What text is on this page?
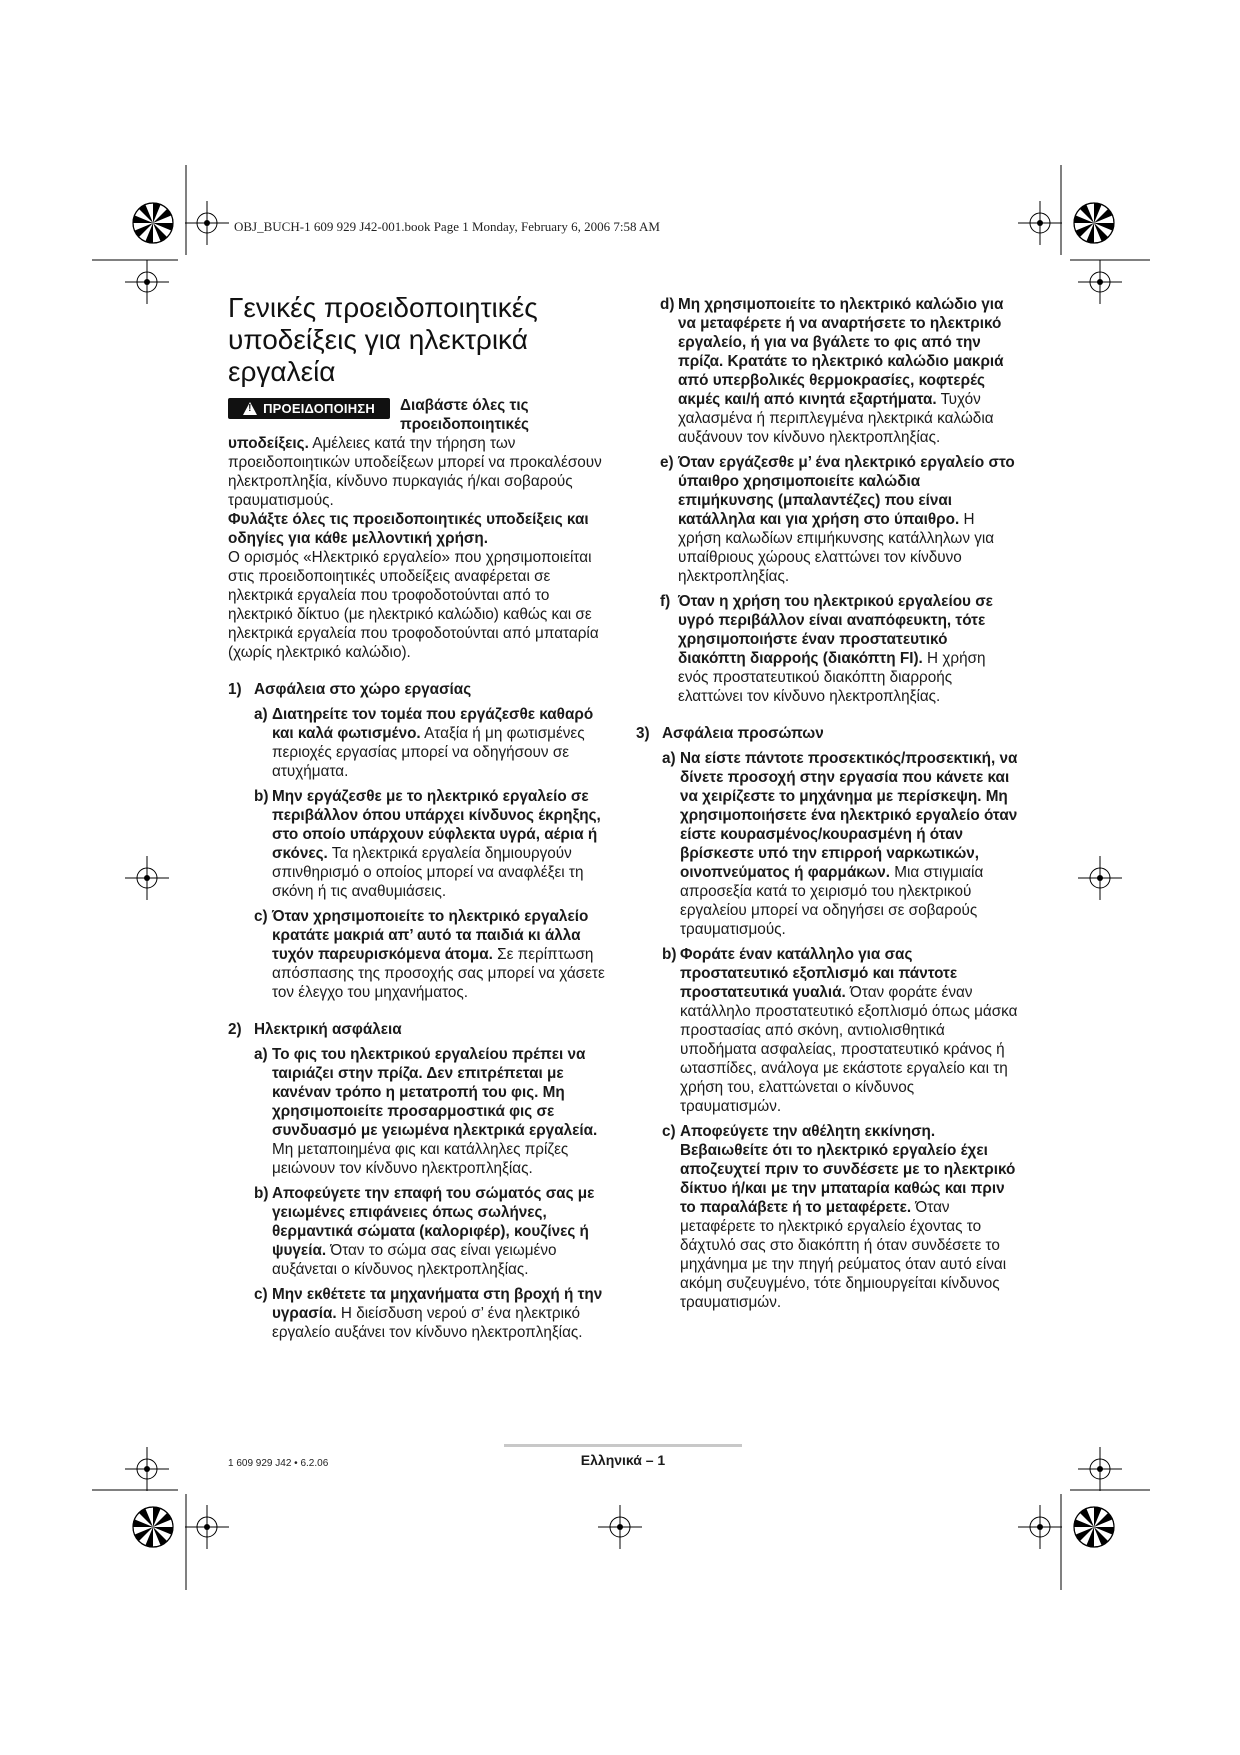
OBJ_BUCH-1 609 929 J42-001.book Page 1 Monday, February 6, 2006 7:58 AM
Γενικές προειδοποιητικές υποδείξεις για ηλεκτρικά εργαλεία
!
ΠΡΟΕΙΔΟΠΟΙΗΣΗ Διαβάστε όλες τις

προειδοποιητικές

υποδείξεις. Αμέλειες κατά την τήρηση των προειδοποιητικών υποδείξεων μπορεί να προκαλέσουν ηλεκτροπληξία, κίνδυνο πυρκαγιάς ή/και σοβαρούς τραυματισμούς.

Φυλάξτε όλες τις προειδοποιητικές υποδείξεις και οδηγίες για κάθε μελλοντική χρήση.

Ο ορισμός «Ηλεκτρικό εργαλείο» που χρησιμοποιείται στις προειδοποιητικές υποδείξεις αναφέρεται σε ηλεκτρικά εργαλεία που τροφοδοτούνται από το ηλεκτρικό δίκτυο (με ηλεκτρικό καλώδιο) καθώς και σε ηλεκτρικά εργαλεία που τροφοδοτούνται από μπαταρία (χωρίς ηλεκτρικό καλώδιο).

1) Ασφάλεια στο χώρο εργασίας
a) Διατηρείτε τον τομέα που εργάζεσθε καθαρό και καλά φωτισμένο. Αταξία ή μη φωτισμένες περιοχές εργασίας μπορεί να οδηγήσουν σε ατυχήματα.
b) Μην εργάζεσθε με το ηλεκτρικό εργαλείο σε περιβάλλον όπου υπάρχει κίνδυνος έκρηξης, στο οποίο υπάρχουν εύφλεκτα υγρά, αέρια ή σκόνες. Τα ηλεκτρικά εργαλεία δημιουργούν σπινθηρισμό ο οποίος μπορεί να αναφλέξει τη σκόνη ή τις αναθυμιάσεις.
c) Όταν χρησιμοποιείτε το ηλεκτρικό εργαλείο κρατάτε μακριά απ’ αυτό τα παιδιά κι άλλα τυχόν παρευρισκόμενα άτομα. Σε περίπτωση απόσπασης της προσοχής σας μπορεί να χάσετε τον έλεγχο του μηχανήματος.
2) Ηλεκτρική ασφάλεια
a) Το φις του ηλεκτρικού εργαλείου πρέπει να ταιριάζει στην πρίζα. Δεν επιτρέπεται με κανέναν τρόπο η μετατροπή του φις. Μη χρησιμοποιείτε προσαρμοστικά φις σε συνδυασμό με γειωμένα ηλεκτρικά εργαλεία. Μη μεταποιημένα φις και κατάλληλες πρίζες μειώνουν τον κίνδυνο ηλεκτροπληξίας.
b) Αποφεύγετε την επαφή του σώματός σας με γειωμένες επιφάνειες όπως σωλήνες, θερμαντικά σώματα (καλοριφέρ), κουζίνες ή ψυγεία. Όταν το σώμα σας είναι γειωμένο αυξάνεται ο κίνδυνος ηλεκτροπληξίας.
c) Μην εκθέτετε τα μηχανήματα στη βροχή ή την υγρασία. Η διείσδυση νερού σ’ ένα ηλεκτρικό εργαλείο αυξάνει τον κίνδυνο ηλεκτροπληξίας.
d) Μη χρησιμοποιείτε το ηλεκτρικό καλώδιο για να μεταφέρετε ή να αναρτήσετε το ηλεκτρικό εργαλείο, ή για να βγάλετε το φις από την πρίζα. Κρατάτε το ηλεκτρικό καλώδιο μακριά από υπερβολικές θερμοκρασίες, κοφτερές ακμές και/ή από κινητά εξαρτήματα. Τυχόν χαλασμένα ή περιπλεγμένα ηλεκτρικά καλώδια αυξάνουν τον κίνδυνο ηλεκτροπληξίας.
e) Όταν εργάζεσθε μ’ ένα ηλεκτρικό εργαλείο στο ύπαιθρο χρησιμοποιείτε καλώδια επιμήκυνσης (μπαλαντέζες) που είναι κατάλληλα και για χρήση στο ύπαιθρο. Η χρήση καλωδίων επιμήκυνσης κατάλληλων για υπαίθριους χώρους ελαττώνει τον κίνδυνο ηλεκτροπληξίας.
f) Όταν η χρήση του ηλεκτρικού εργαλείου σε υγρό περιβάλλον είναι αναπόφευκτη, τότε χρησιμοποιήστε έναν προστατευτικό διακόπτη διαρροής (διακόπτη FI). Η χρήση ενός προστατευτικού διακόπτη διαρροής ελαττώνει τον κίνδυνο ηλεκτροπληξίας.
3) Ασφάλεια προσώπων
a) Να είστε πάντοτε προσεκτικός/προσεκτική, να δίνετε προσοχή στην εργασία που κάνετε και να χειρίζεστε το μηχάνημα με περίσκεψη. Μη χρησιμοποιήσετε ένα ηλεκτρικό εργαλείο όταν είστε κουρασμένος/κουρασμένη ή όταν βρίσκεστε υπό την επιρροή ναρκωτικών, οινοπνεύματος ή φαρμάκων. Μια στιγμιαία απροσεξία κατά το χειρισμό του ηλεκτρικού εργαλείου μπορεί να οδηγήσει σε σοβαρούς τραυματισμούς.
b) Φοράτε έναν κατάλληλο για σας προστατευτικό εξοπλισμό και πάντοτε προστατευτικά γυαλιά. Όταν φοράτε έναν κατάλληλο προστατευτικό εξοπλισμό όπως μάσκα προστασίας από σκόνη, αντιολισθητικά υποδήματα ασφαλείας, προστατευτικό κράνος ή ωτασπίδες, ανάλογα με εκάστοτε εργαλείο και τη χρήση του, ελαττώνεται ο κίνδυνος τραυματισμών.
c) Αποφεύγετε την αθέλητη εκκίνηση. Βεβαιωθείτε ότι το ηλεκτρικό εργαλείο έχει αποζευχτεί πριν το συνδέσετε με το ηλεκτρικό δίκτυο ή/και με την μπαταρία καθώς και πριν το παραλάβετε ή το μεταφέρετε. Όταν μεταφέρετε το ηλεκτρικό εργαλείο έχοντας το δάχτυλό σας στο διακόπτη ή όταν συνδέσετε το μηχάνημα με την πηγή ρεύματος όταν αυτό είναι ακόμη συζευγμένο, τότε δημιουργείται κίνδυνος τραυματισμών.
1 609 929 J42 • 6.2.06	Ελληνικά – 1
